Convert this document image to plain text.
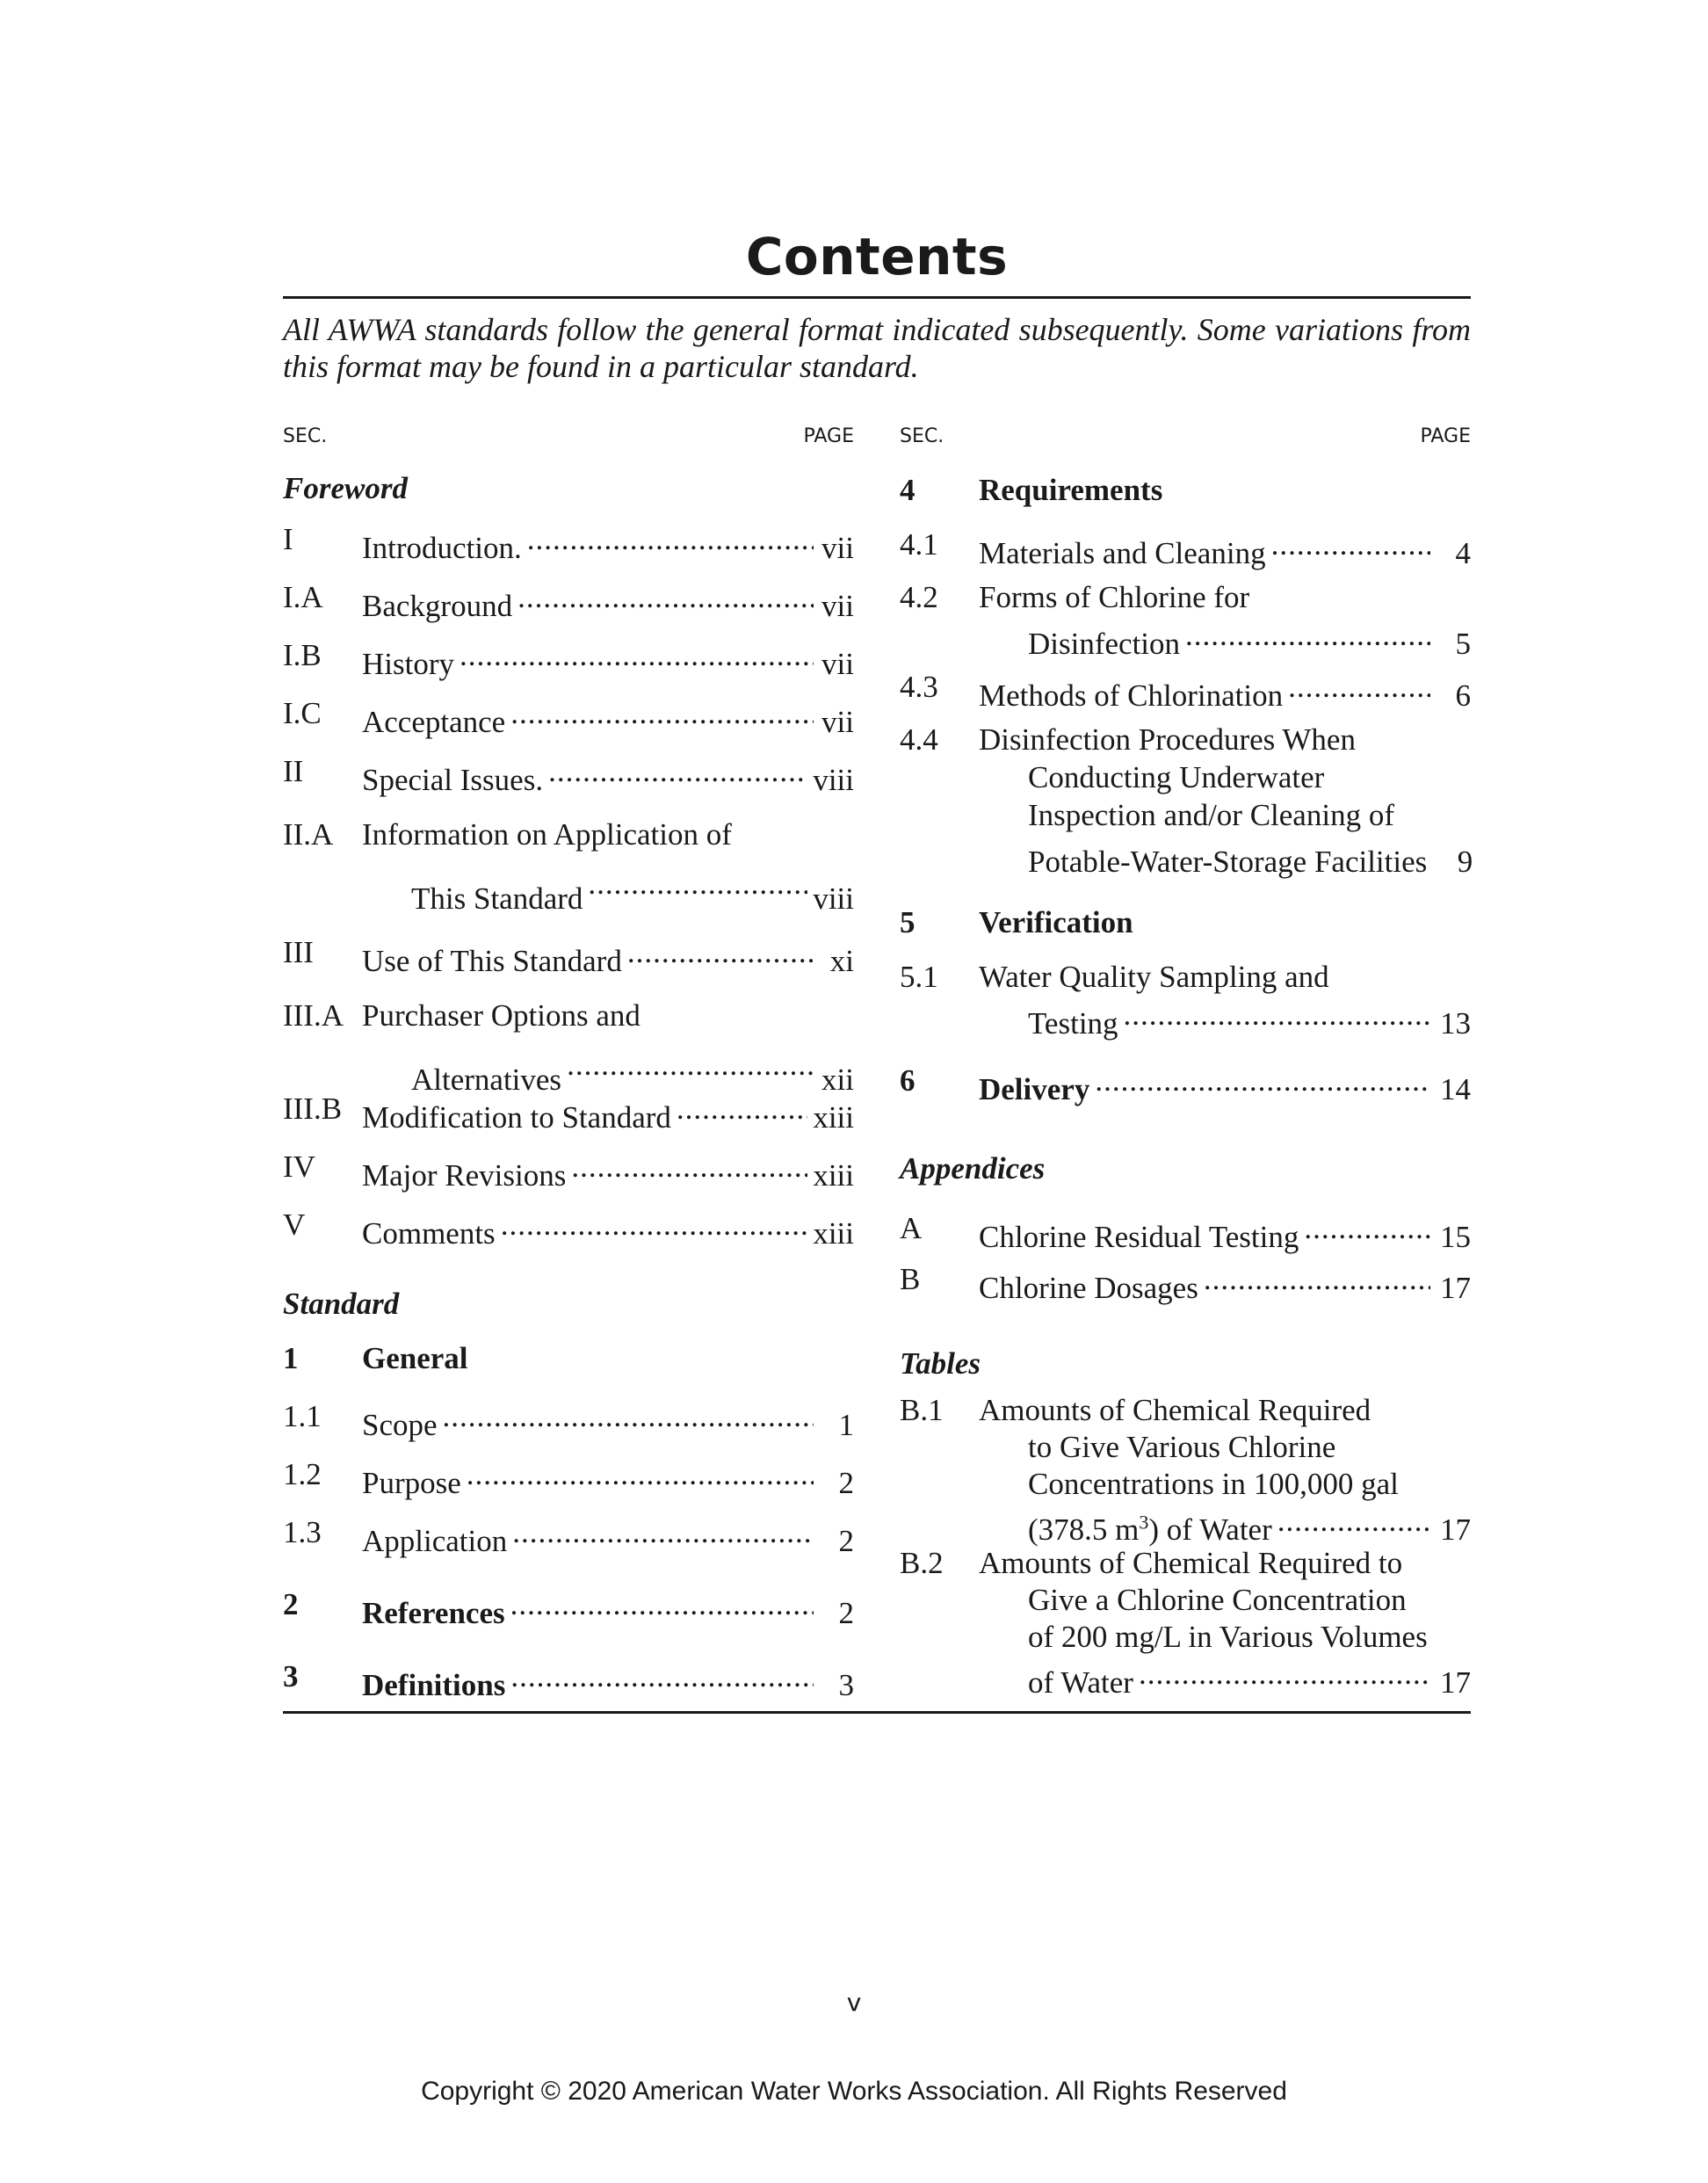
Contents
All AWWA standards follow the general format indicated subsequently. Some variations from this format may be found in a particular standard.
SEC.	PAGE SEC.	PAGE
Foreword
I Introduction. .....	vii
I.A Background .....	vii
I.B History .....	vii
I.C Acceptance .....	vii
II Special Issues. .....	viii
II.A Information on Application of
This Standard .....	viii
III Use of This Standard .....	xi
III.A Purchaser Options and
Alternatives .....	xii
III.B Modification to Standard .....	xiii
IV Major Revisions .....	xiii
V Comments .....	xiii
Standard
1 General
1.1 Scope .....	1
1.2 Purpose .....	2
1.3 Application .....	2
2 References .....	2
3 Definitions .....	3
4 Requirements
4.1 Materials and Cleaning .....	4
4.2 Forms of Chlorine for
Disinfection .....	5
4.3 Methods of Chlorination .....	6
4.4 Disinfection Procedures When
Conducting Underwater
Inspection and/or Cleaning of
Potable-Water-Storage Facilities 9
5 Verification
5.1 Water Quality Sampling and
Testing .....	13
6 Delivery .....	14
Appendices
A Chlorine Residual Testing .....	15
B Chlorine Dosages .....	17
Tables
B.1 Amounts of Chemical Required
to Give Various Chlorine
Concentrations in 100,000 gal
(378.5 $m^3$) of Water .....	17
B.2 Amounts of Chemical Required to
Give a Chlorine Concentration
of 200 mg/L in Various Volumes
of Water .....	17
v
Copyright © 2020 American Water Works Association. All Rights Reserved
